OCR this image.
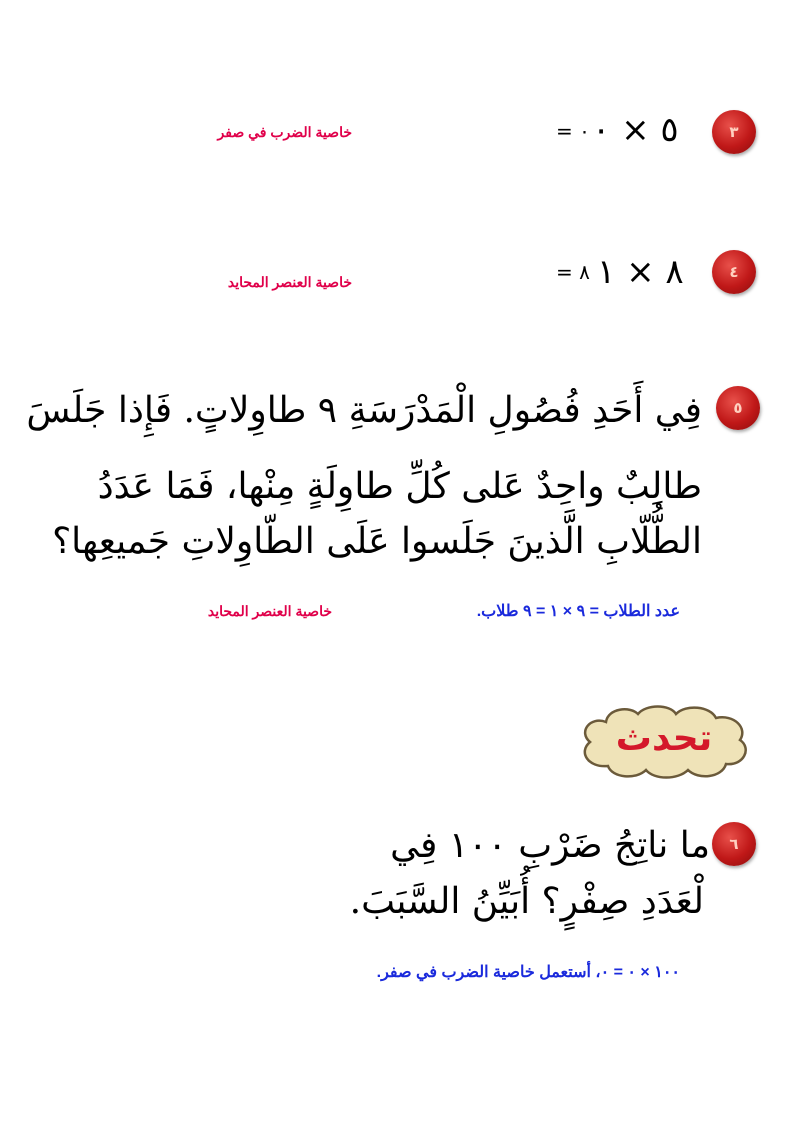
٣
٥ × ٠
= ٠
خاصية الضرب في صفر
٤
٨ × ١
= ٨
خاصية العنصر المحايد
٥
فِي أَحَدِ فُصُولِ الْمَدْرَسَةِ ٩ طاوِلاتٍ. فَإِذا جَلَسَ
طالِبٌ واحِدٌ عَلى كُلِّ طاوِلَةٍ مِنْها، فَمَا عَدَدُ
الطُّلّابِ الَّذينَ جَلَسوا عَلَى الطّاوِلاتِ جَميعِها؟
عدد الطلاب = ٩ × ١ = ٩ طلاب.
خاصية العنصر المحايد
تحدث
٦
ما ناتِجُ ضَرْبِ ١٠٠ فِي
لْعَدَدِ صِفْرٍ؟ أُبَيِّنُ السَّبَبَ.
١٠٠ × ٠ = ٠، أستعمل خاصية الضرب في صفر.
